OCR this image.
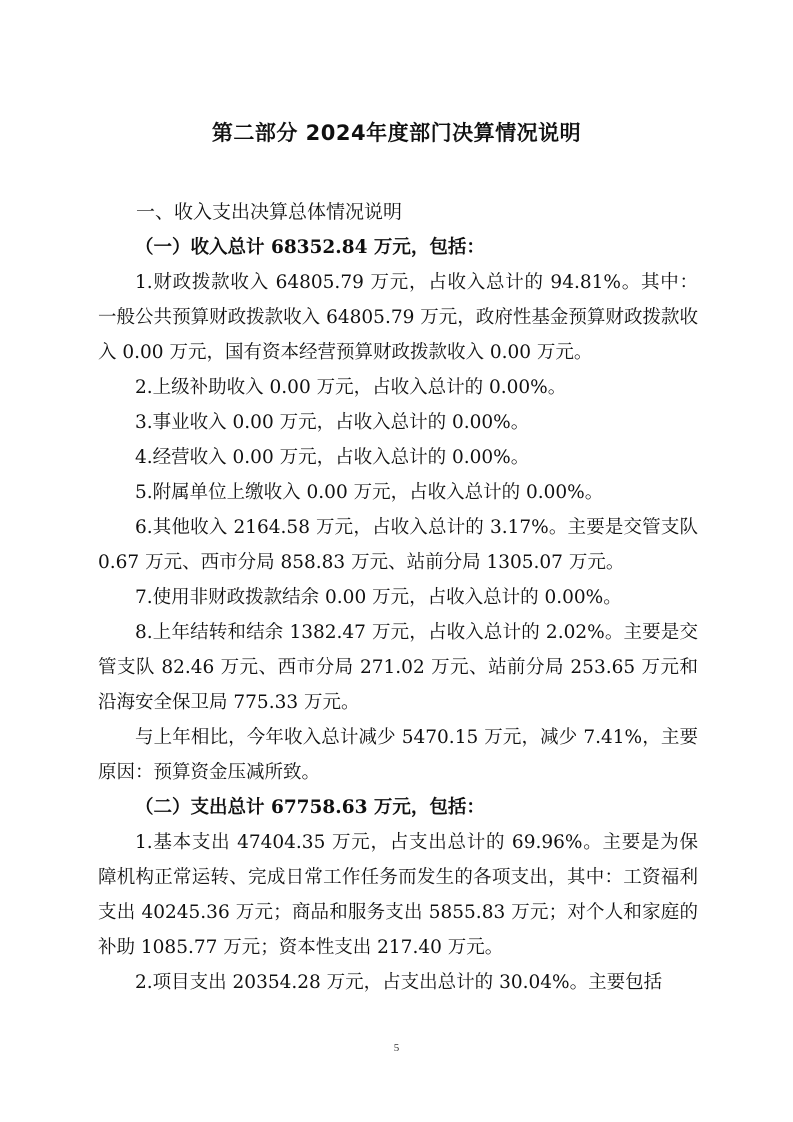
第二部分 2024年度部门决算情况说明

一、收入支出决算总体情况说明

（一）收入总计 68352.84 万元，包括：

1.财政拨款收入 64805.79 万元，占收入总计的 94.81%。其中：一般公共预算财政拨款收入 64805.79 万元，政府性基金预算财政拨款收入 0.00 万元，国有资本经营预算财政拨款收入 0.00 万元。

2.上级补助收入 0.00 万元，占收入总计的 0.00%。

3.事业收入 0.00 万元，占收入总计的 0.00%。

4.经营收入 0.00 万元，占收入总计的 0.00%。

5.附属单位上缴收入 0.00 万元，占收入总计的 0.00%。

6.其他收入 2164.58 万元，占收入总计的 3.17%。主要是交管支队 0.67 万元、西市分局 858.83 万元、站前分局 1305.07 万元。

7.使用非财政拨款结余 0.00 万元，占收入总计的 0.00%。

8.上年结转和结余 1382.47 万元，占收入总计的 2.02%。主要是交管支队 82.46 万元、西市分局 271.02 万元、站前分局 253.65 万元和沿海安全保卫局 775.33 万元。

与上年相比，今年收入总计减少 5470.15 万元，减少 7.41%，主要原因：预算资金压减所致。

（二）支出总计 67758.63 万元，包括：

1.基本支出 47404.35 万元，占支出总计的 69.96%。主要是为保障机构正常运转、完成日常工作任务而发生的各项支出，其中：工资福利支出 40245.36 万元；商品和服务支出 5855.83 万元；对个人和家庭的补助 1085.77 万元；资本性支出 217.40 万元。

2.项目支出 20354.28 万元，占支出总计的 30.04%。主要包括

5
